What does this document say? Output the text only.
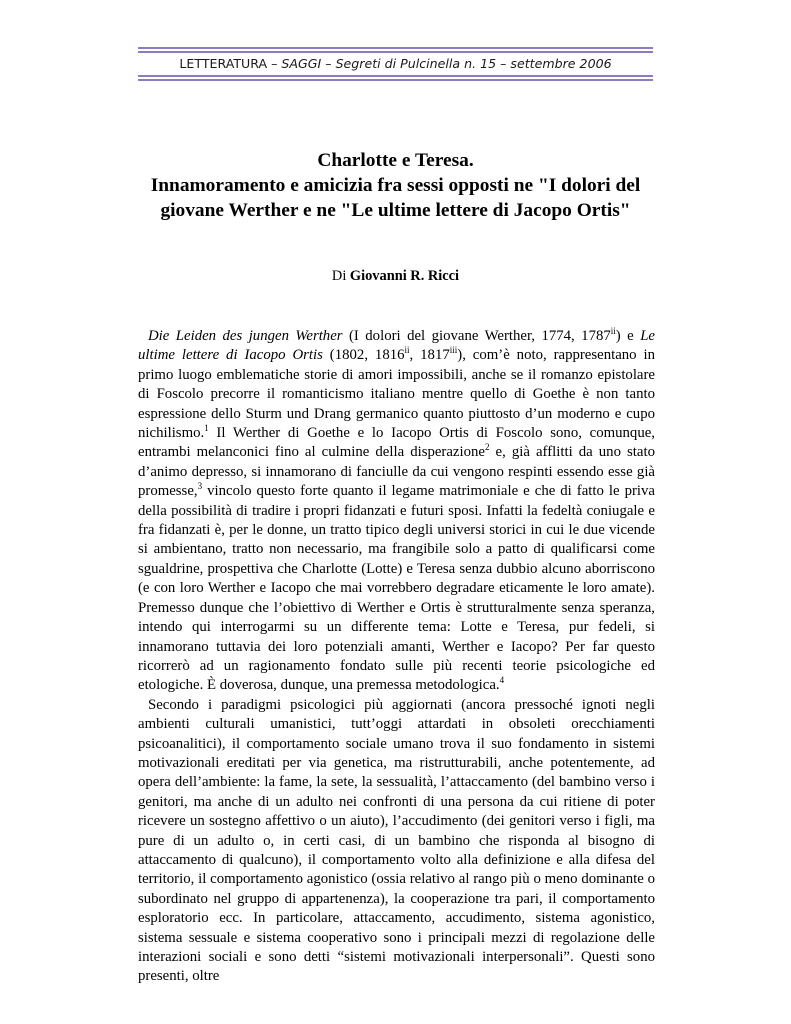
LETTERATURA – SAGGI – Segreti di Pulcinella n. 15 – settembre 2006
Charlotte e Teresa.
Innamoramento e amicizia fra sessi opposti ne "I dolori del
giovane Werther e ne "Le ultime lettere di Jacopo Ortis"
Di Giovanni R. Ricci

Die Leiden des jungen Werther (I dolori del giovane Werther, 1774, 1787$^{ii}$) e Le ultime lettere di Iacopo Ortis (1802, 1816$^{ii}$, 1817$^{iii}$), com’è noto, rappresentano in primo luogo emblematiche storie di amori impossibili, anche se il romanzo epistolare di Foscolo precorre il romanticismo italiano mentre quello di Goethe è non tanto espressione dello Sturm und Drang germanico quanto piuttosto d’un moderno e cupo nichilismo.$^1$ Il Werther di Goethe e lo Iacopo Ortis di Foscolo sono, comunque, entrambi melanconici fino al culmine della disperazione$^2$ e, già afflitti da uno stato d’animo depresso, si innamorano di fanciulle da cui vengono respinti essendo esse già promesse,$^3$ vincolo questo forte quanto il legame matrimoniale e che di fatto le priva della possibilità di tradire i propri fidanzati e futuri sposi. Infatti la fedeltà coniugale e fra fidanzati è, per le donne, un tratto tipico degli universi storici in cui le due vicende si ambientano, tratto non necessario, ma frangibile solo a patto di qualificarsi come sgualdrine, prospettiva che Charlotte (Lotte) e Teresa senza dubbio alcuno aborriscono (e con loro Werther e Iacopo che mai vorrebbero degradare eticamente le loro amate). Premesso dunque che l’obiettivo di Werther e Ortis è strutturalmente senza speranza, intendo qui interrogarmi su un differente tema: Lotte e Teresa, pur fedeli, si innamorano tuttavia dei loro potenziali amanti, Werther e Iacopo? Per far questo ricorrerò ad un ragionamento fondato sulle più recenti teorie psicologiche ed etologiche. È doverosa, dunque, una premessa metodologica.$^4$

Secondo i paradigmi psicologici più aggiornati (ancora pressoché ignoti negli ambienti culturali umanistici, tutt’oggi attardati in obsoleti orecchiamenti psicoanalitici), il comportamento sociale umano trova il suo fondamento in sistemi motivazionali ereditati per via genetica, ma ristrutturabili, anche potentemente, ad opera dell’ambiente: la fame, la sete, la sessualità, l’attaccamento (del bambino verso i genitori, ma anche di un adulto nei confronti di una persona da cui ritiene di poter ricevere un sostegno affettivo o un aiuto), l’accudimento (dei genitori verso i figli, ma pure di un adulto o, in certi casi, di un bambino che risponda al bisogno di attaccamento di qualcuno), il comportamento volto alla definizione e alla difesa del territorio, il comportamento agonistico (ossia relativo al rango più o meno dominante o subordinato nel gruppo di appartenenza), la cooperazione tra pari, il comportamento esploratorio ecc. In particolare, attaccamento, accudimento, sistema agonistico, sistema sessuale e sistema cooperativo sono i principali mezzi di regolazione delle interazioni sociali e sono detti “sistemi motivazionali interpersonali”. Questi sono presenti, oltre
